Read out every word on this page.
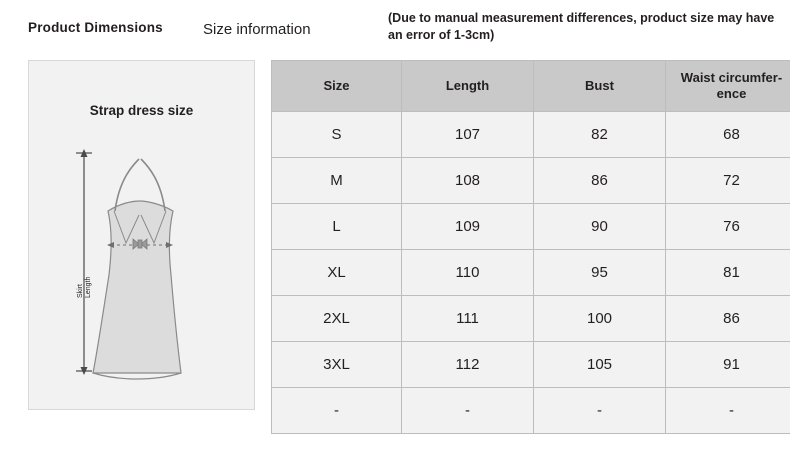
Product Dimensions	Size information
(Due to manual measurement differences, product size may have an error of 1-3cm)
Strap dress size
Skirt
Length
Size	Length	Bust	Waist circumfer-ence
S	107	82	68
M	108	86	72
L	109	90	76
XL	110	95	81
2XL	111	100	86
3XL	112	105	91
-	-	-	-
